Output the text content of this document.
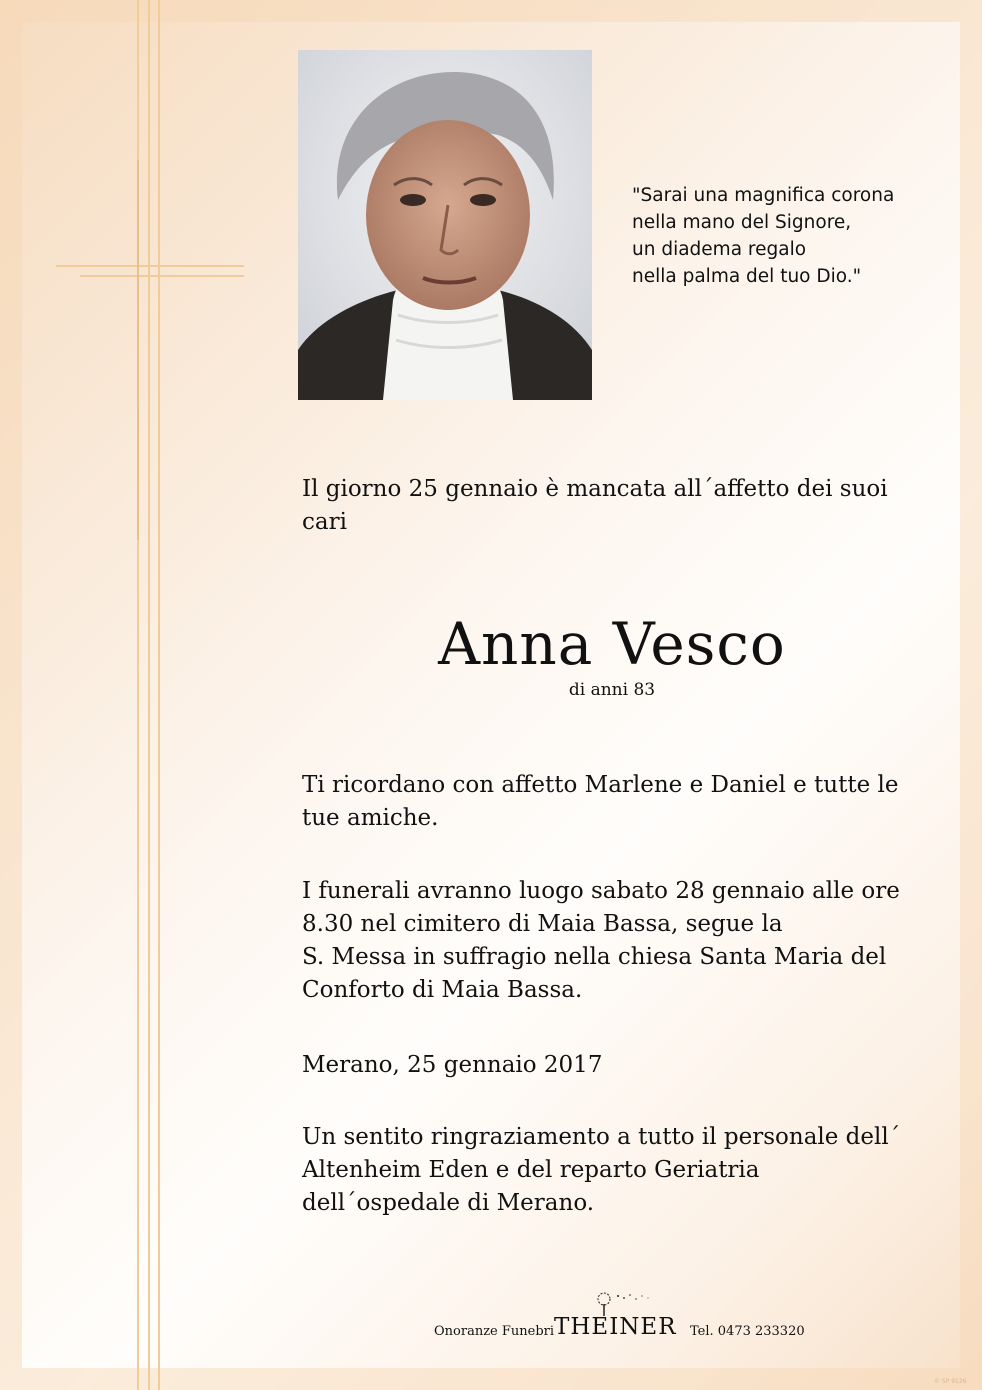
"Sarai una magnifica corona
nella mano del Signore,
un diadema regalo
nella palma del tuo Dio."
Il giorno 25 gennaio è mancata all´affetto dei suoi
cari
Anna Vesco
di anni 83
Ti ricordano con affetto Marlene e Daniel e tutte le
tue amiche.
I funerali avranno luogo sabato 28 gennaio alle ore
8.30 nel cimitero di Maia Bassa, segue la
S. Messa in suffragio nella chiesa Santa Maria del
Conforto di Maia Bassa.
Merano, 25 gennaio 2017
Un sentito ringraziamento a tutto il personale dell´
Altenheim Eden e del reparto Geriatria
dell´ospedale di Merano.
Onoranze Funebri THEINER Tel. 0473 233320
© SP 9126
